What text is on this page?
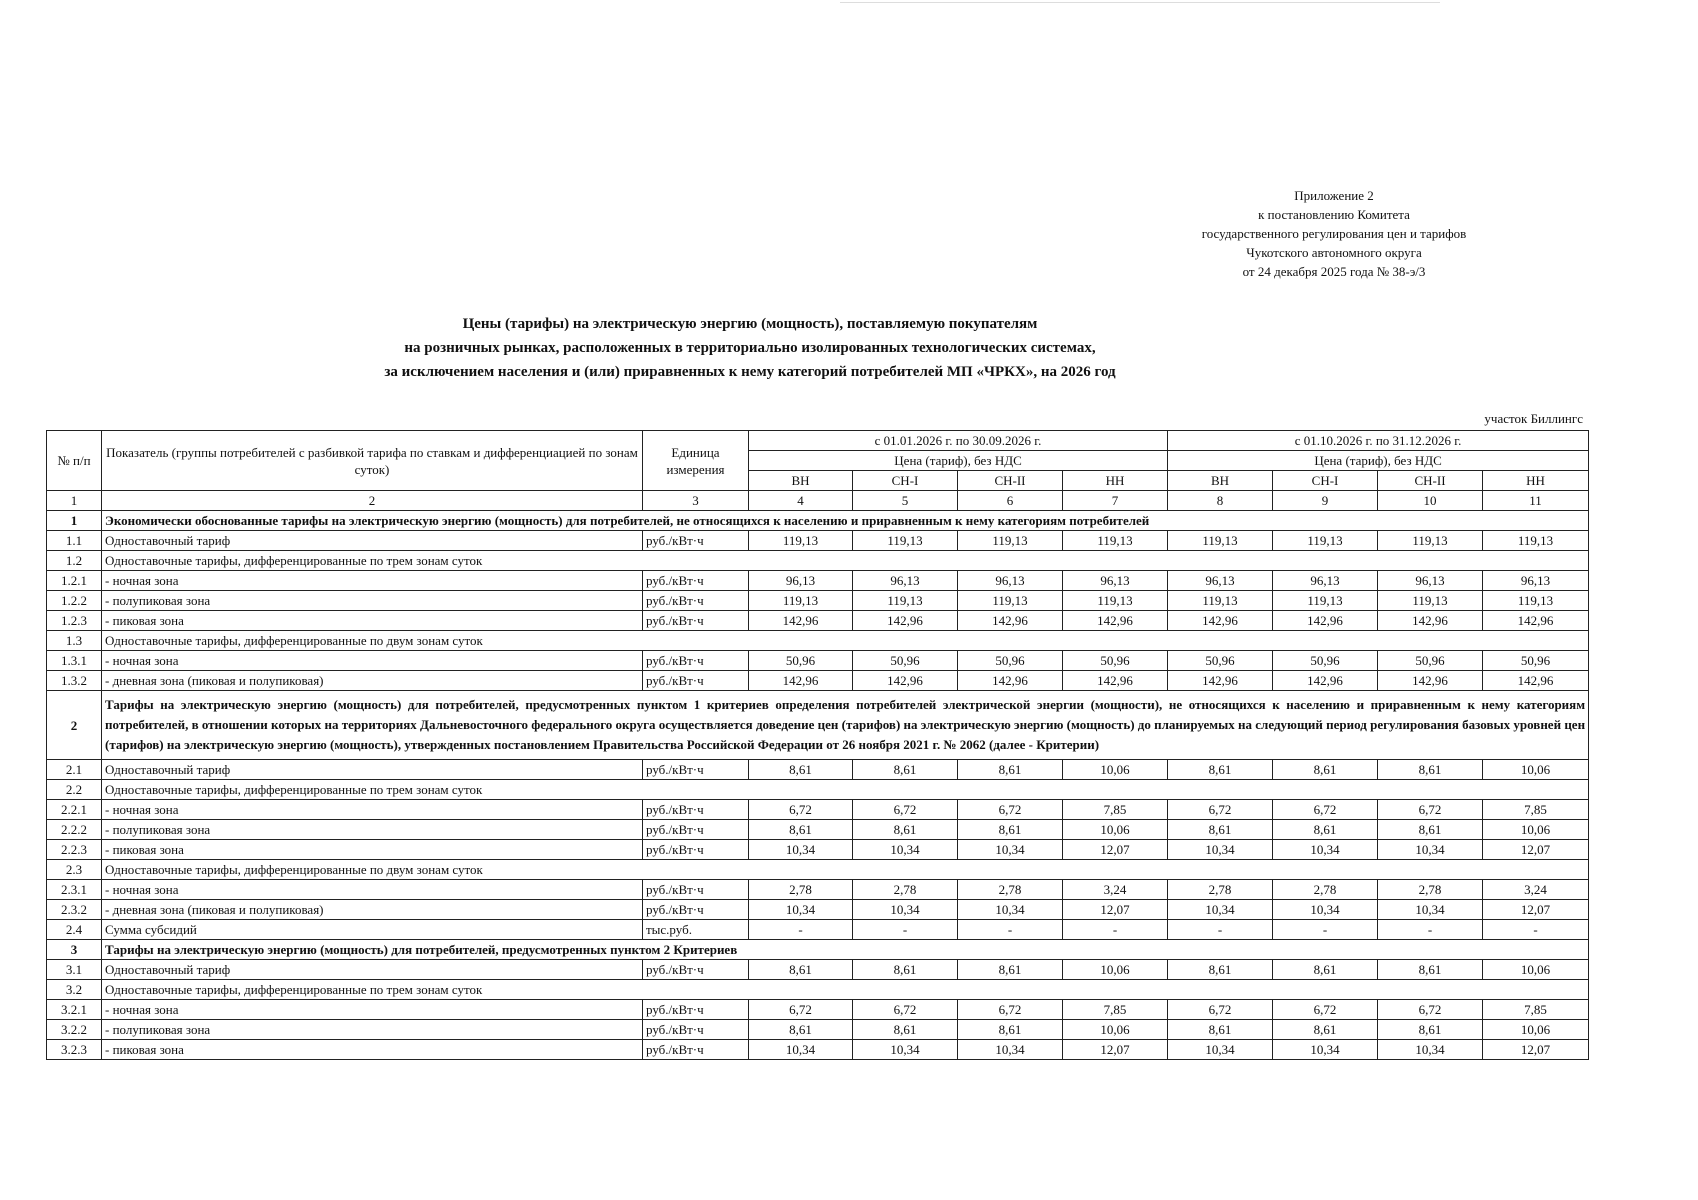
Приложение 2
к постановлению Комитета
государственного регулирования цен и тарифов
Чукотского автономного округа
от 24 декабря 2025 года № 38-э/3
Цены (тарифы) на электрическую энергию (мощность), поставляемую покупателям
на розничных рынках, расположенных в территориально изолированных технологических системах,
за исключением населения и (или) приравненных к нему категорий потребителей МП «ЧРКХ», на 2026 год
участок Биллингс
№ п/п	Показатель (группы потребителей с разбивкой тарифа по ставкам и дифференциацией по зонам суток)	Единица измерения	с 01.01.2026 г. по 30.09.2026 г.				с 01.10.2026 г. по 31.12.2026 г.			
			Цена (тариф), без НДС				Цена (тариф), без НДС			
			ВН	СН-I	СН-II	НН	ВН	СН-I	СН-II	НН
1	2	3	4	5	6	7	8	9	10	11
1	Экономически обоснованные тарифы на электрическую энергию (мощность) для потребителей, не относящихся к населению и приравненным к нему категориям потребителей									
1.1	Одноставочный тариф	руб./кВт·ч	119,13	119,13	119,13	119,13	119,13	119,13	119,13	119,13
1.2	Одноставочные тарифы, дифференцированные по трем зонам суток									
1.2.1	- ночная зона	руб./кВт·ч	96,13	96,13	96,13	96,13	96,13	96,13	96,13	96,13
1.2.2	- полупиковая зона	руб./кВт·ч	119,13	119,13	119,13	119,13	119,13	119,13	119,13	119,13
1.2.3	- пиковая зона	руб./кВт·ч	142,96	142,96	142,96	142,96	142,96	142,96	142,96	142,96
1.3	Одноставочные тарифы, дифференцированные по двум зонам суток									
1.3.1	- ночная зона	руб./кВт·ч	50,96	50,96	50,96	50,96	50,96	50,96	50,96	50,96
1.3.2	- дневная зона (пиковая и полупиковая)	руб./кВт·ч	142,96	142,96	142,96	142,96	142,96	142,96	142,96	142,96
2	Тарифы на электрическую энергию (мощность) для потребителей, предусмотренных пунктом 1 критериев определения потребителей электрической энергии (мощности), не относящихся к населению и приравненным к нему категориям потребителей, в отношении которых на территориях Дальневосточного федерального округа осуществляется доведение цен (тарифов) на электрическую энергию (мощность) до планируемых на следующий период регулирования базовых уровней цен (тарифов) на электрическую энергию (мощность), утвержденных постановлением Правительства Российской Федерации от 26 ноября 2021 г. № 2062 (далее - Критерии)									
2.1	Одноставочный тариф	руб./кВт·ч	8,61	8,61	8,61	10,06	8,61	8,61	8,61	10,06
2.2	Одноставочные тарифы, дифференцированные по трем зонам суток									
2.2.1	- ночная зона	руб./кВт·ч	6,72	6,72	6,72	7,85	6,72	6,72	6,72	7,85
2.2.2	- полупиковая зона	руб./кВт·ч	8,61	8,61	8,61	10,06	8,61	8,61	8,61	10,06
2.2.3	- пиковая зона	руб./кВт·ч	10,34	10,34	10,34	12,07	10,34	10,34	10,34	12,07
2.3	Одноставочные тарифы, дифференцированные по двум зонам суток									
2.3.1	- ночная зона	руб./кВт·ч	2,78	2,78	2,78	3,24	2,78	2,78	2,78	3,24
2.3.2	- дневная зона (пиковая и полупиковая)	руб./кВт·ч	10,34	10,34	10,34	12,07	10,34	10,34	10,34	12,07
2.4	Сумма субсидий	тыс.руб.	-	-	-	-	-	-	-	-
3	Тарифы на электрическую энергию (мощность) для потребителей, предусмотренных пунктом 2 Критериев									
3.1	Одноставочный тариф	руб./кВт·ч	8,61	8,61	8,61	10,06	8,61	8,61	8,61	10,06
3.2	Одноставочные тарифы, дифференцированные по трем зонам суток									
3.2.1	- ночная зона	руб./кВт·ч	6,72	6,72	6,72	7,85	6,72	6,72	6,72	7,85
3.2.2	- полупиковая зона	руб./кВт·ч	8,61	8,61	8,61	10,06	8,61	8,61	8,61	10,06
3.2.3	- пиковая зона	руб./кВт·ч	10,34	10,34	10,34	12,07	10,34	10,34	10,34	12,07
